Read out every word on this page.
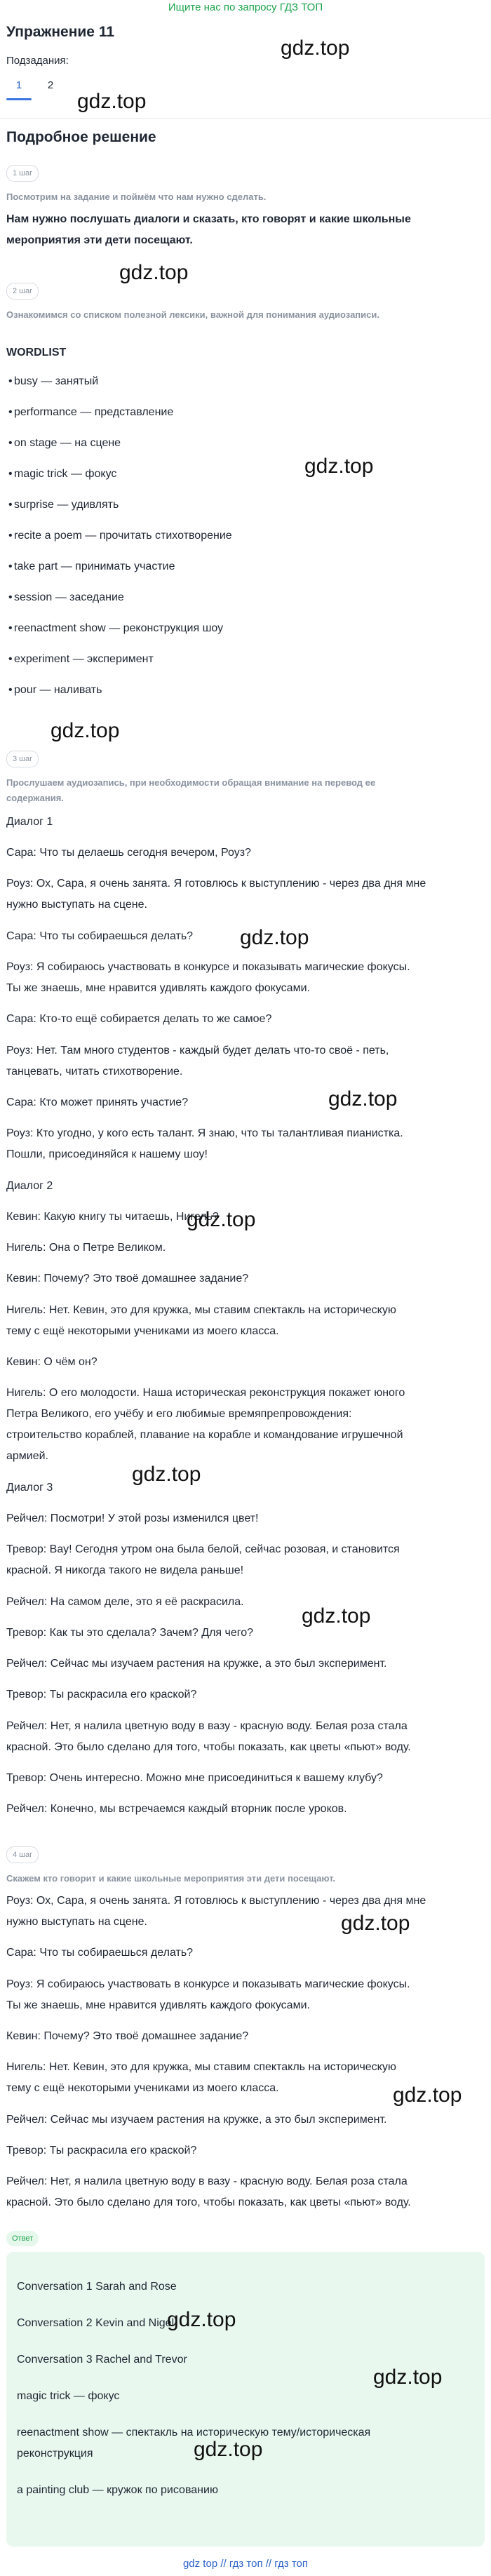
Ищите нас по запросу ГДЗ ТОП
Упражнение 11
Подзадания:
1	2
Подробное решение
1 шаг
Посмотрим на задание и поймём что нам нужно сделать.
Нам нужно послушать диалоги и сказать, кто говорят и какие школьные мероприятия эти дети посещают.
2 шаг
Ознакомимся со списком полезной лексики, важной для понимания аудиозаписи.
WORDLIST
• busy — занятый
• performance — представление
• on stage — на сцене
• magic trick — фокус
• surprise — удивлять
• recite a poem — прочитать стихотворение
• take part — принимать участие
• session — заседание
• reenactment show — реконструкция шоу
• experiment — эксперимент
• pour — наливать
3 шаг
Прослушаем аудиозапись, при необходимости обращая внимание на перевод ее
содержания.
Диалог 1
Сара: Что ты делаешь сегодня вечером, Роуз?
Роуз: Ох, Сара, я очень занята. Я готовлюсь к выступлению - через два дня мне
нужно выступать на сцене.
Сара: Что ты собираешься делать?
Роуз: Я собираюсь участвовать в конкурсе и показывать магические фокусы.
Ты же знаешь, мне нравится удивлять каждого фокусами.
Сара: Кто-то ещё собирается делать то же самое?
Роуз: Нет. Там много студентов - каждый будет делать что-то своё - петь,
танцевать, читать стихотворение.
Сара: Кто может принять участие?
Роуз: Кто угодно, у кого есть талант. Я знаю, что ты талантливая пианистка.
Пошли, присоединяйся к нашему шоу!
Диалог 2
Кевин: Какую книгу ты читаешь, Нигель?
Нигель: Она о Петре Великом.
Кевин: Почему? Это твоё домашнее задание?
Нигель: Нет. Кевин, это для кружка, мы ставим спектакль на историческую
тему с ещё некоторыми учениками из моего класса.
Кевин: О чём он?
Нигель: О его молодости. Наша историческая реконструкция покажет юного
Петра Великого, его учёбу и его любимые времяпрепровождения:
строительство кораблей, плавание на корабле и командование игрушечной
армией.
Диалог 3
Рейчел: Посмотри! У этой розы изменился цвет!
Тревор: Вау! Сегодня утром она была белой, сейчас розовая, и становится
красной. Я никогда такого не видела раньше!
Рейчел: На самом деле, это я её раскрасила.
Тревор: Как ты это сделала? Зачем? Для чего?
Рейчел: Сейчас мы изучаем растения на кружке, а это был эксперимент.
Тревор: Ты раскрасила его краской?
Рейчел: Нет, я налила цветную воду в вазу - красную воду. Белая роза стала
красной. Это было сделано для того, чтобы показать, как цветы «пьют» воду.
Тревор: Очень интересно. Можно мне присоединиться к вашему клубу?
Рейчел: Конечно, мы встречаемся каждый вторник после уроков.
4 шаг
Скажем кто говорит и какие школьные мероприятия эти дети посещают.
Роуз: Ох, Сара, я очень занята. Я готовлюсь к выступлению - через два дня мне
нужно выступать на сцене.
Сара: Что ты собираешься делать?
Роуз: Я собираюсь участвовать в конкурсе и показывать магические фокусы.
Ты же знаешь, мне нравится удивлять каждого фокусами.
Кевин: Почему? Это твоё домашнее задание?
Нигель: Нет. Кевин, это для кружка, мы ставим спектакль на историческую
тему с ещё некоторыми учениками из моего класса.
Рейчел: Сейчас мы изучаем растения на кружке, а это был эксперимент.
Тревор: Ты раскрасила его краской?
Рейчел: Нет, я налила цветную воду в вазу - красную воду. Белая роза стала
красной. Это было сделано для того, чтобы показать, как цветы «пьют» воду.
Ответ
Conversation 1 Sarah and Rose
Conversation 2 Kevin and Nigel
Conversation 3 Rachel and Trevor
magic trick — фокус
reenactment show — спектакль на историческую тему/историческая
реконструкция
a painting club — кружок по рисованию
gdz top // гдз топ // гдз топ
gdz.top
gdz.top
gdz.top
gdz.top
gdz.top
gdz.top
gdz.top
gdz.top
gdz.top
gdz.top
gdz.top
gdz.top
gdz.top
gdz.top
gdz.top
